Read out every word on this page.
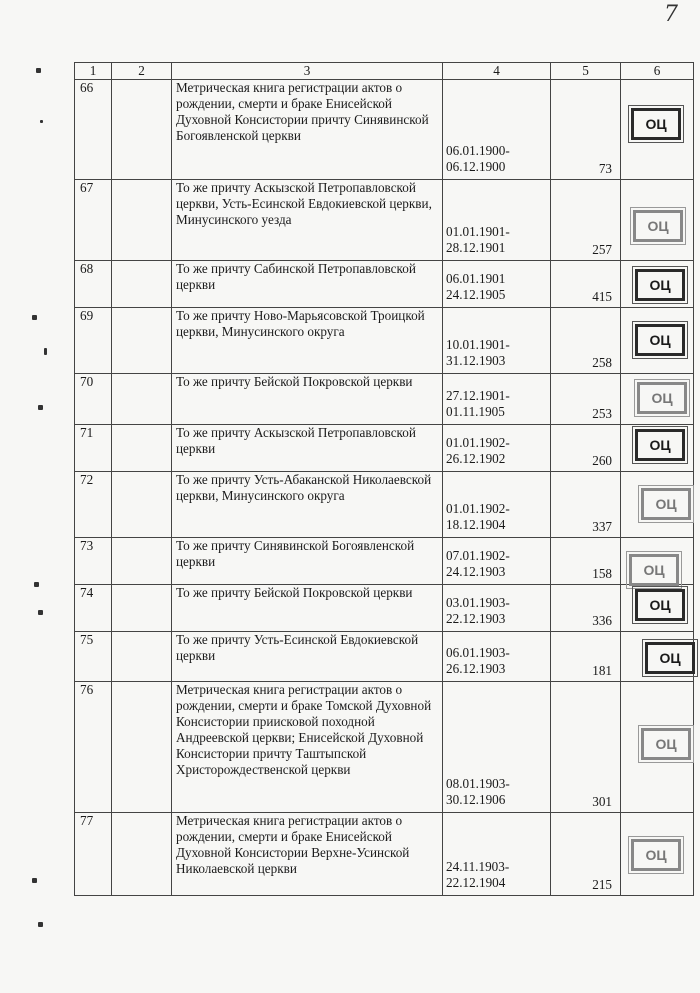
7
1	2	3	4	5	6
66		Метрическая книга регистрации актов о рождении, смерти и браке Енисейской Духовной Консистории причту Синявинской Богоявленской церкви	06.01.1900-
06.12.1900	73	ОЦ

67		То же причту Аскызской Петропавловской церкви, Усть-Есинской Евдокиевской церкви, Минусинского уезда	01.01.1901-
28.12.1901	257	ОЦ

68		То же причту Сабинской Петропавловской церкви	06.01.1901
24.12.1905	415	ОЦ

69		То же причту Ново-Марьясовской Троицкой церкви, Минусинского округа	10.01.1901-
31.12.1903	258	ОЦ

70		То же причту Бейской Покровской церкви	27.12.1901-
01.11.1905	253	ОЦ

71		То же причту Аскызской Петропавловской церкви	01.01.1902-
26.12.1902	260	ОЦ

72		То же причту Усть-Абаканской Николаевской церкви, Минусинского округа	01.01.1902-
18.12.1904	337	ОЦ

73		То же причту Синявинской Богоявленской церкви	07.01.1902-
24.12.1903	158	ОЦ

74		То же причту Бейской Покровской церкви	03.01.1903-
22.12.1903	336	ОЦ

75		То же причту Усть-Есинской Евдокиевской церкви	06.01.1903-
26.12.1903	181	ОЦ

76		Метрическая книга регистрации актов о рождении, смерти и браке Томской Духовной Консистории приисковой походной Андреевской церкви; Енисейской Духовной Консистории причту Таштыпской Христорождественской церкви	08.01.1903-
30.12.1906	301	ОЦ

77		Метрическая книга регистрации актов о рождении, смерти и браке Енисейской Духовной Консистории Верхне-Усинской Николаевской церкви	24.11.1903-
22.12.1904	215	ОЦ
